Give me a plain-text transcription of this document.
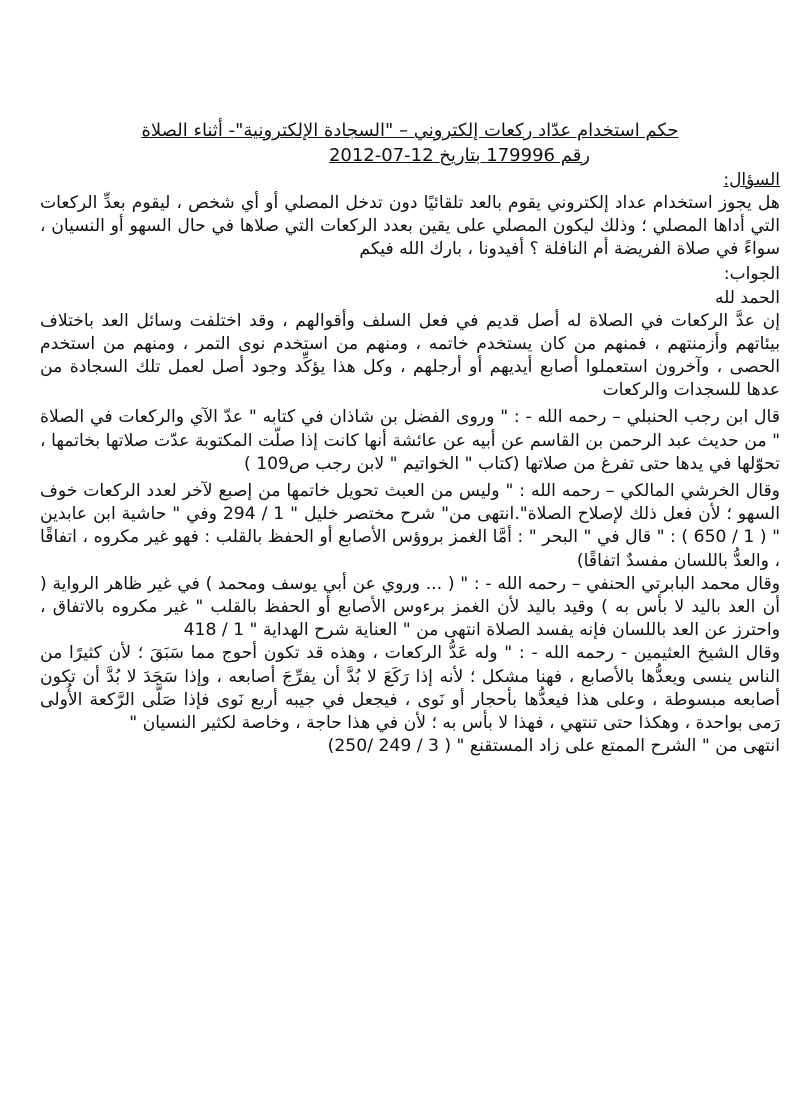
حكم استخدام عدّاد ركعات إلكتروني – "السجادة الإلكترونية"- أثناء الصلاة

رقم 179996 بتاريخ 12-07-2012

السؤال:

هل يجوز استخدام عداد إلكتروني يقوم بالعد تلقائيًا دون تدخل المصلي أو أي شخص ، ليقوم بعدِّ الركعات التي أداها المصلي ؛ وذلك ليكون المصلي على يقين بعدد الركعات التي صلاها في حال السهو أو النسيان ، سواءً في صلاة الفريضة أم النافلة ؟ أفيدونا ، بارك الله فيكم

الجواب:

الحمد لله

إن عدَّ الركعات في الصلاة له أصل قديم في فعل السلف وأقوالهم ، وقد اختلفت وسائل العد باختلاف بيئاتهم وأزمنتهم ، فمنهم من كان يستخدم خاتمه ، ومنهم من استخدم نوى التمر ، ومنهم من استخدم الحصى ، وآخرون استعملوا أصابع أيديهم أو أرجلهم ، وكل هذا يؤكِّد وجود أصل لعمل تلك السجادة من عدها للسجدات والركعات

قال ابن رجب الحنبلي – رحمه الله - : " وروى الفضل بن شاذان في كتابه " عدّ الآي والركعات في الصلاة " من حديث عبد الرحمن بن القاسم عن أبيه عن عائشة أنها كانت إذا صلّت المكتوبة عدّت صلاتها بخاتمها ، تحوّلها في يدها حتى تفرغ من صلاتها (كتاب " الخواتيم " لابن رجب ص109 )

وقال الخرشي المالكي – رحمه الله : " وليس من العبث تحويل خاتمها من إصبع لآخر لعدد الركعات خوف السهو ؛ لأن فعل ذلك لإصلاح الصلاة".انتهى من" شرح مختصر خليل " 1 / 294 وفي " حاشية ابن عابدين " ( 1 / 650 ) : " قال في " البحر " : أمَّا الغمز بروؤس الأصابع أو الحفظ بالقلب : فهو غير مكروه ، اتفاقًا ، والعدُّ باللسان مفسدٌ اتفاقًا)

وقال محمد البابرتي الحنفي – رحمه الله - : " ( ... وروي عن أبي يوسف ومحمد ) في غير ظاهر الرواية ( أن العد باليد لا بأس به ) وقيد باليد لأن الغمز برءوس الأصابع أو الحفظ بالقلب " غير مكروه بالاتفاق ، واحترز عن العد باللسان فإنه يفسد الصلاة انتهى من " العناية شرح الهداية " 1 / 418

وقال الشيخ العثيمين - رحمه الله - : " وله عَدُّ الركعات ، وهذه قد تكون أحوج مما سَبَقَ ؛ لأن كثيرًا من الناس ينسى ويعدُّها بالأصابع ، فهنا مشكل ؛ لأنه إذا رَكَعَ لا بُدَّ أن يفرِّجَ أصابعه ، وإذا سَجَدَ لا بُدَّ أن تكون أصابعه مبسوطة ، وعلى هذا فيعدُّها بأحجار أو نَوى ، فيجعل في جيبه أربع نَوى فإذا صَلَّى الرَّكعة الأُولى رَمى بواحدة ، وهكذا حتى تنتهي ، فهذا لا بأس به ؛ لأن في هذا حاجة ، وخاصة لكثير النسيان "

انتهى من " الشرح الممتع على زاد المستقنع " ( 3 / 249 /250)
